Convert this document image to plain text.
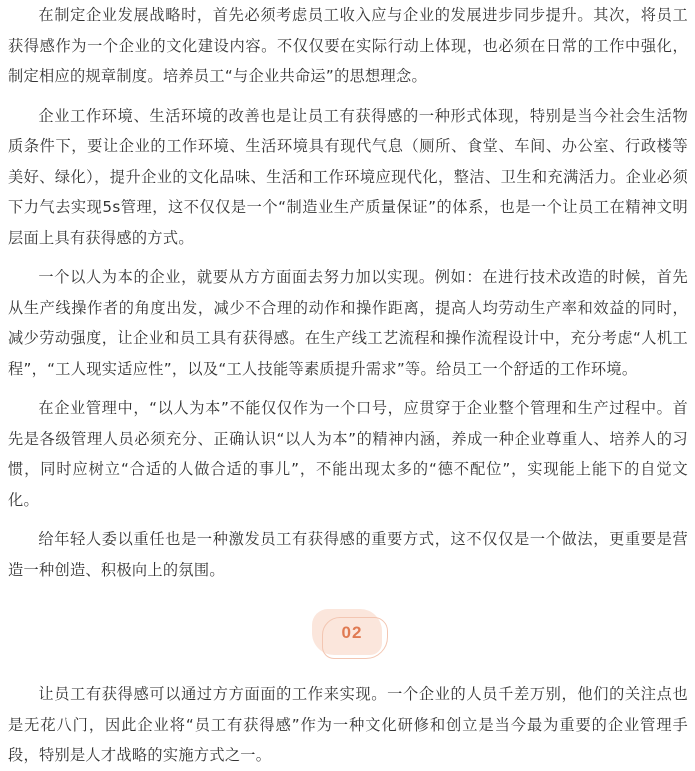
在制定企业发展战略时，首先必须考虑员工收入应与企业的发展进步同步提升。其次，将员工获得感作为一个企业的文化建设内容。不仅仅要在实际行动上体现，也必须在日常的工作中强化，制定相应的规章制度。培养员工“与企业共命运”的思想理念。

企业工作环境、生活环境的改善也是让员工有获得感的一种形式体现，特别是当今社会生活物质条件下，要让企业的工作环境、生活环境具有现代气息（厕所、食堂、车间、办公室、行政楼等美好、绿化），提升企业的文化品味、生活和工作环境应现代化，整洁、卫生和充满活力。企业必须下力气去实现5s管理，这不仅仅是一个“制造业生产质量保证”的体系，也是一个让员工在精神文明层面上具有获得感的方式。

一个以人为本的企业，就要从方方面面去努力加以实现。例如：在进行技术改造的时候，首先从生产线操作者的角度出发，减少不合理的动作和操作距离，提高人均劳动生产率和效益的同时，减少劳动强度，让企业和员工具有获得感。在生产线工艺流程和操作流程设计中，充分考虑“人机工程”，“工人现实适应性”，以及“工人技能等素质提升需求”等。给员工一个舒适的工作环境。

在企业管理中，“以人为本”不能仅仅作为一个口号，应贯穿于企业整个管理和生产过程中。首先是各级管理人员必须充分、正确认识“以人为本”的精神内涵，养成一种企业尊重人、培养人的习惯，同时应树立“合适的人做合适的事儿”，不能出现太多的“德不配位”，实现能上能下的自觉文化。

给年轻人委以重任也是一种激发员工有获得感的重要方式，这不仅仅是一个做法，更重要是营造一种创造、积极向上的氛围。

02

让员工有获得感可以通过方方面面的工作来实现。一个企业的人员千差万别，他们的关注点也是无花八门，因此企业将“员工有获得感”作为一种文化研修和创立是当今最为重要的企业管理手段，特别是人才战略的实施方式之一。
